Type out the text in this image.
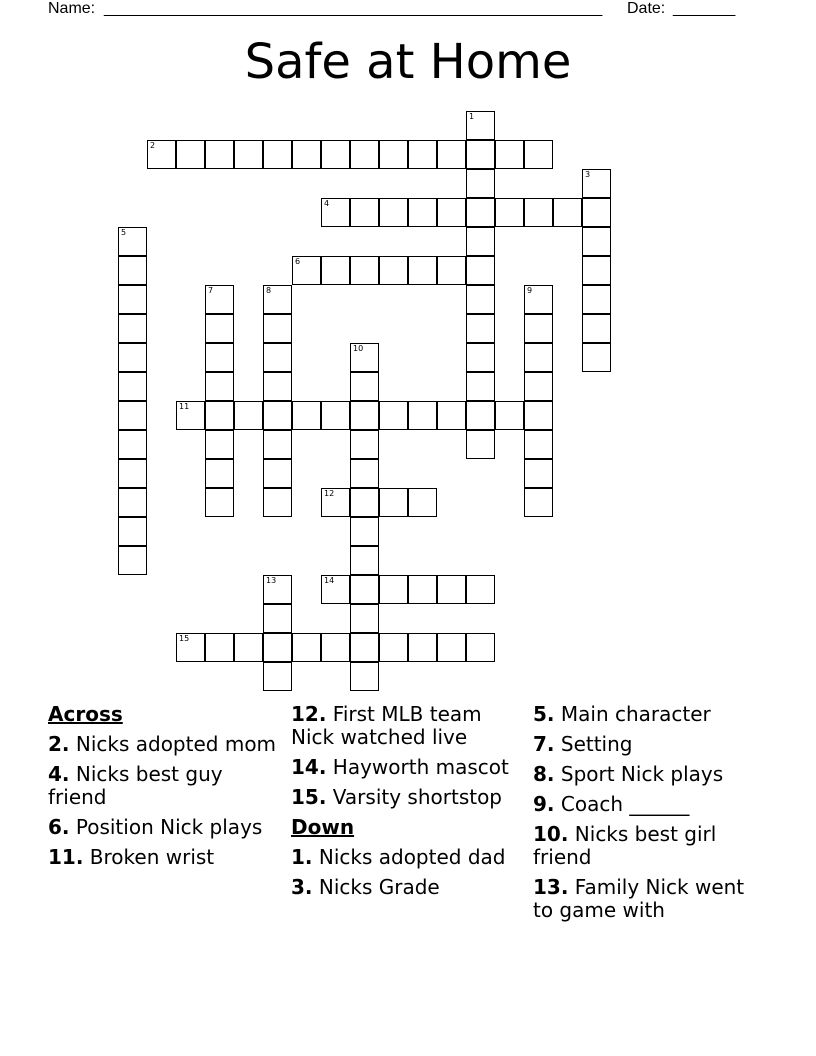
Name: ________________________________________________________ Date: _______
Safe at Home
1
2
3
4
5
6
7	8	9
10
11
12
13	14
15
Across
2. Nicks adopted mom
4. Nicks best guy friend
6. Position Nick plays
11. Broken wrist
12. First MLB team Nick watched live
14. Hayworth mascot
15. Varsity shortstop
Down
1. Nicks adopted dad
3. Nicks Grade
5. Main character
7. Setting
8. Sport Nick plays
9. Coach ______
10. Nicks best girl friend
13. Family Nick went to game with
